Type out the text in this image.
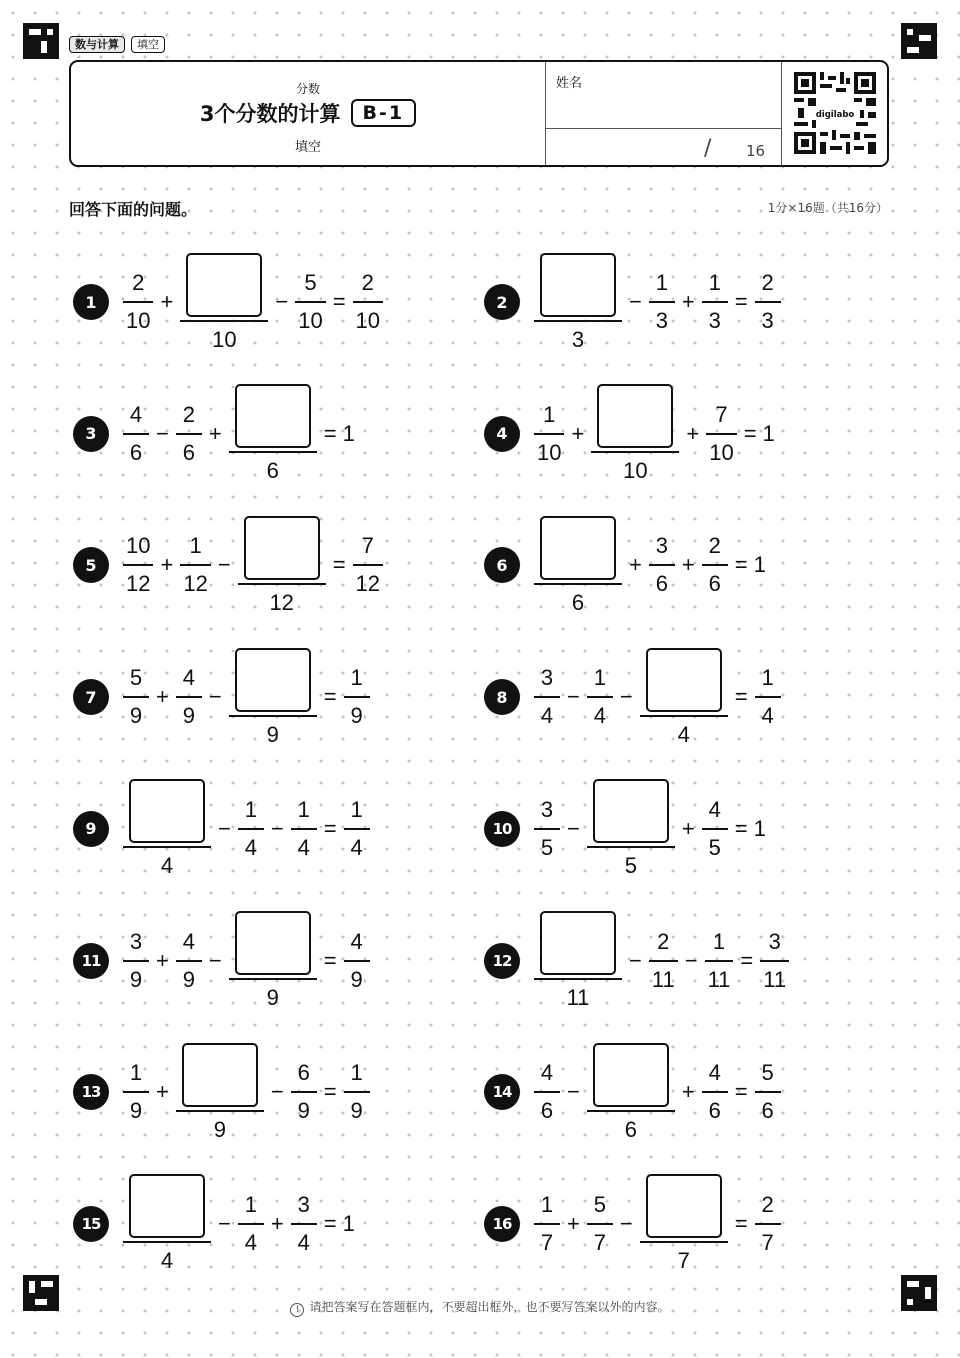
数与计算	填空
分数
3个分数的计算	B-1
填空
姓名
/ 16
digilabo
回答下面的问题。	1分×16题（共16分）
1	$\frac{2}{10}$ +
10
− $\frac{5}{10} = \frac{2}{10}$	2
3
− $\frac{1}{3} + \frac{1}{3} = \frac{2}{3}$
3	$\frac{4}{6} - \frac{2}{6}$ +
6
= 1	4	$\frac{1}{10}$ +
10
+ $\frac{7}{10} = 1$
5	$\frac{10}{12} + \frac{1}{12}$ −
12
= $\frac{7}{12}$	6
6
+ $\frac{3}{6} + \frac{2}{6} = 1$
7	$\frac{5}{9} + \frac{4}{9}$ −
9
= $\frac{1}{9}$	8	$\frac{3}{4} - \frac{1}{4}$ −
4
= $\frac{1}{4}$
9
4
− $\frac{1}{4} - \frac{1}{4} = \frac{1}{4}$	10	$\frac{3}{5}$ −
5
+ $\frac{4}{5} = 1$
11	$\frac{3}{9} + \frac{4}{9}$ −
9
= $\frac{4}{9}$	12
11
− $\frac{2}{11} - \frac{1}{11} = \frac{3}{11}$
13	$\frac{1}{9}$ +
9
− $\frac{6}{9} = \frac{1}{9}$	14	$\frac{4}{6}$ −
6
+ $\frac{4}{6} = \frac{5}{6}$
15
4
− $\frac{1}{4} + \frac{3}{4} = 1$	16	$\frac{1}{7} + \frac{5}{7}$ −
7
= $\frac{2}{7}$
! 请把答案写在答题框内，不要超出框外，也不要写答案以外的内容。
